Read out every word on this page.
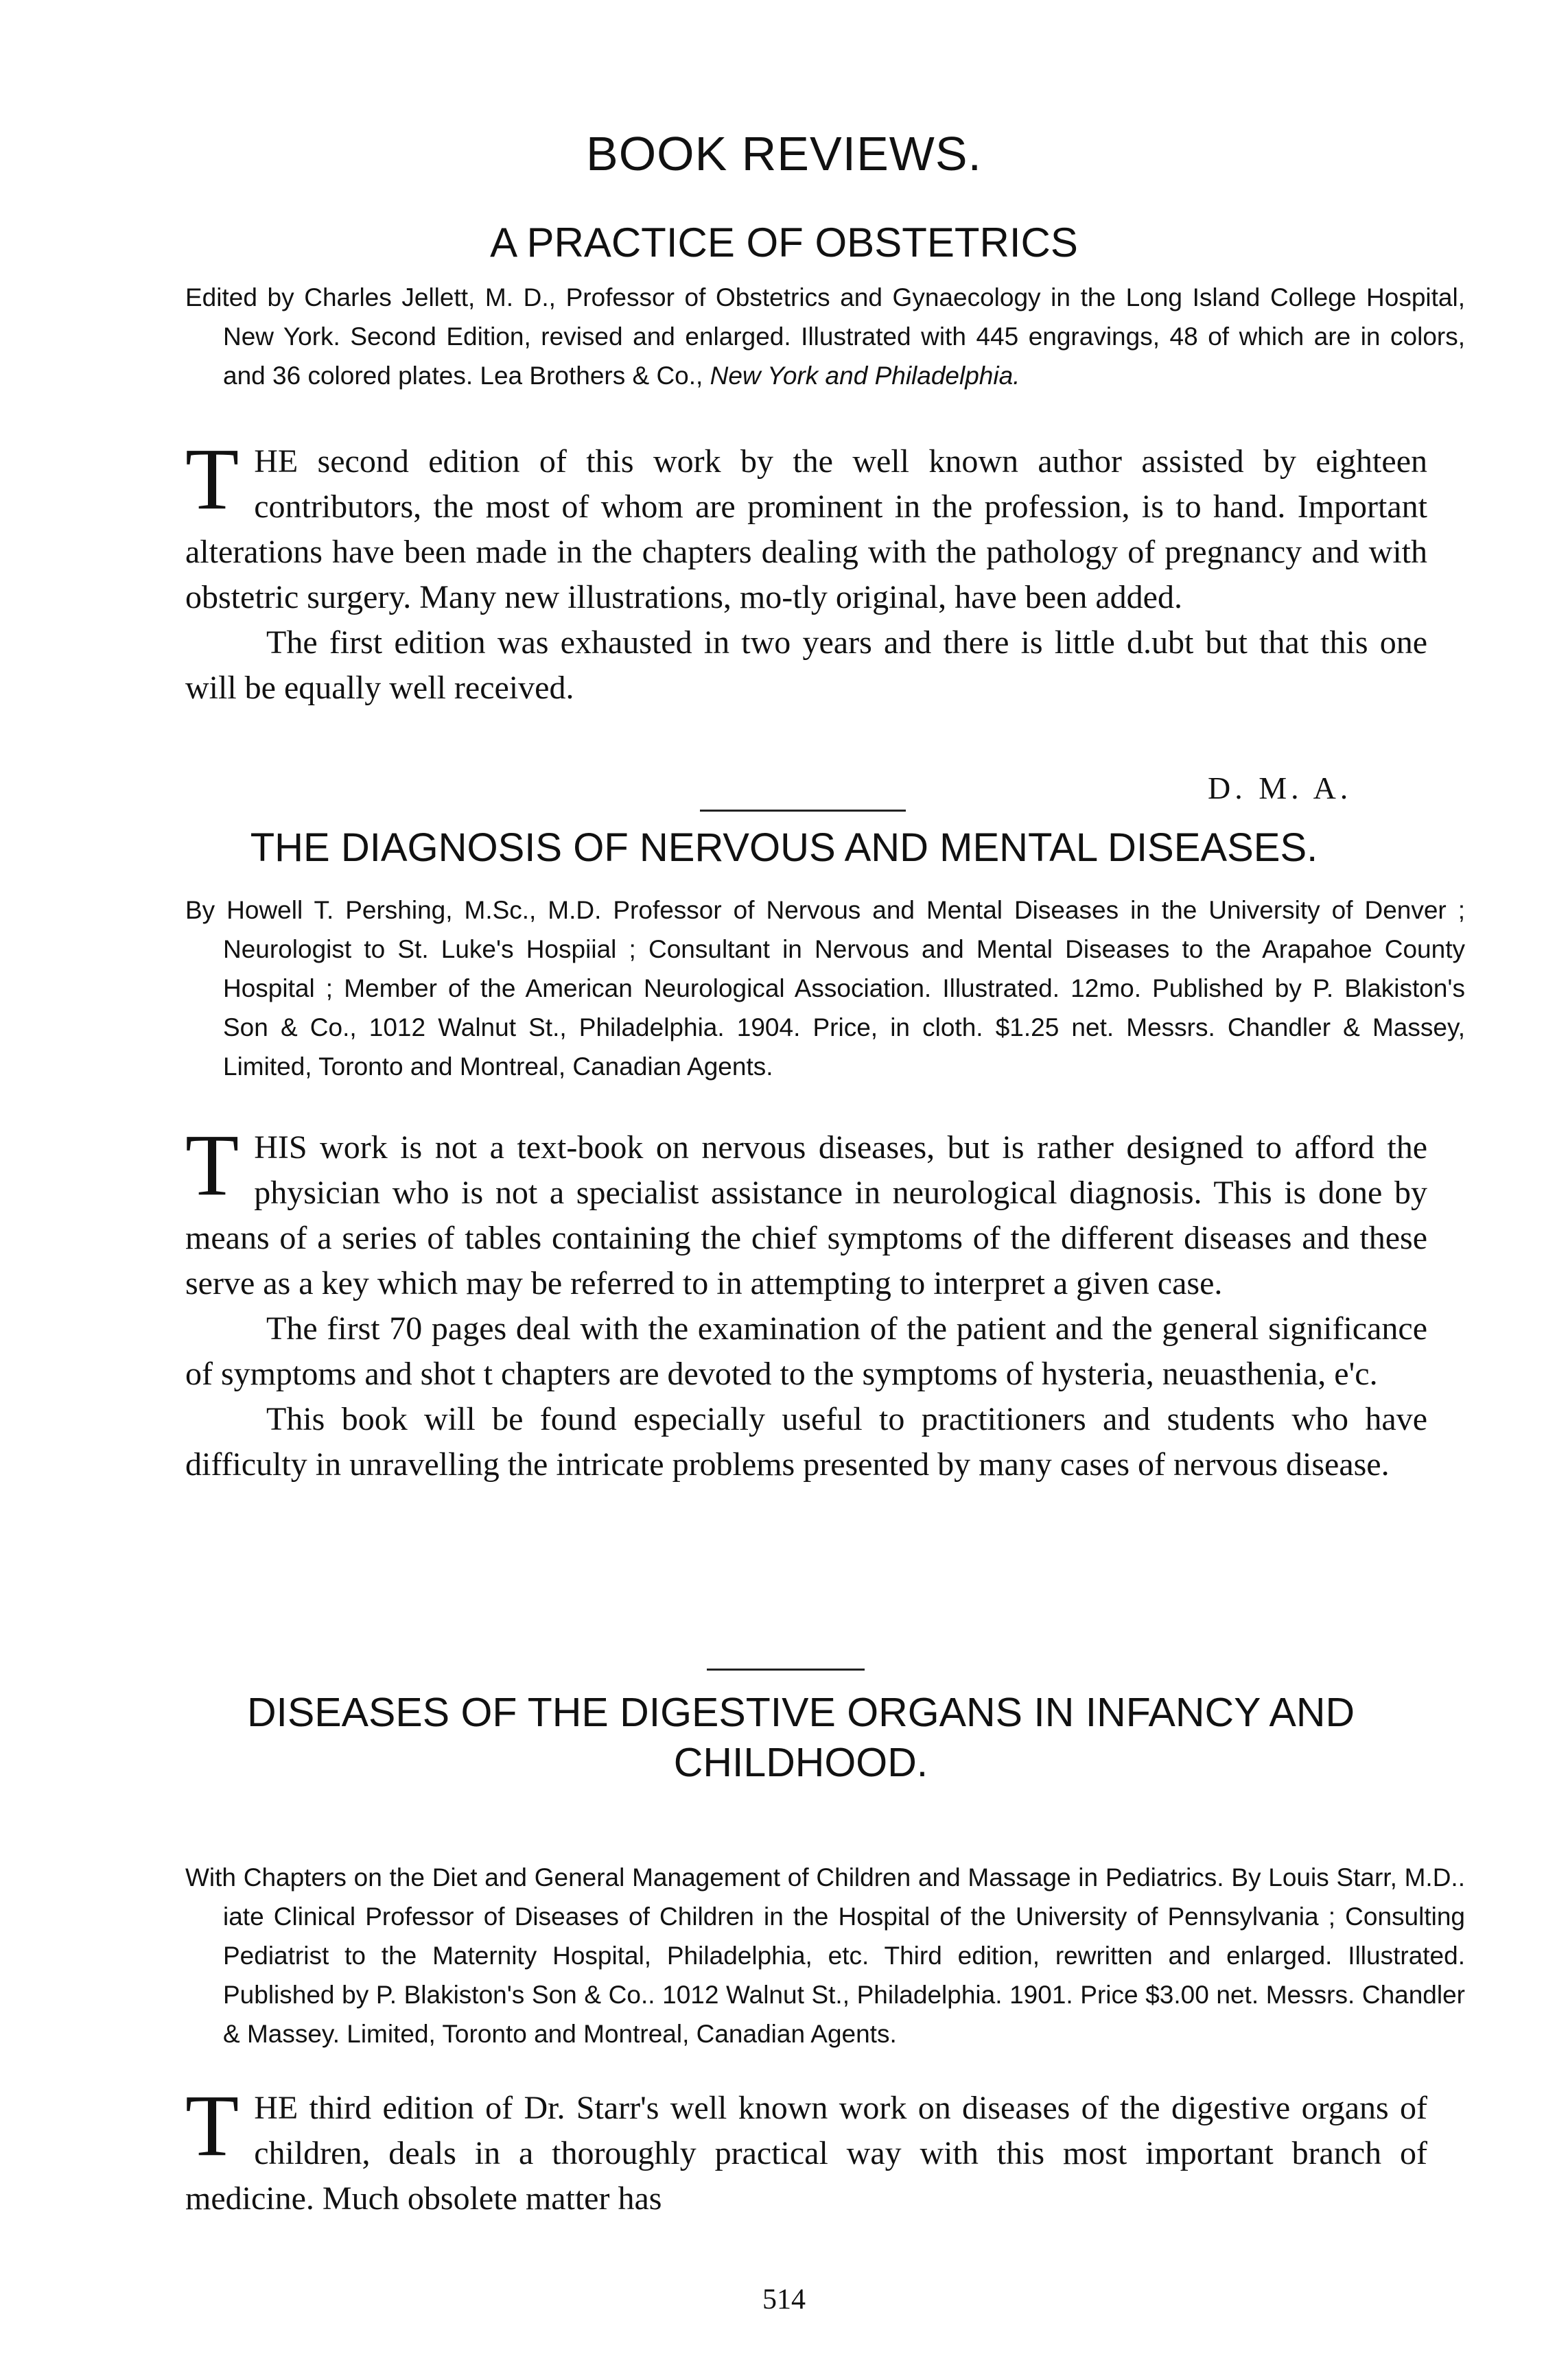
BOOK REVIEWS.
A PRACTICE OF OBSTETRICS

Edited by Charles Jellett, M. D., Professor of Obstetrics and Gynaecology in the Long Island College Hospital, New York. Second Edition, revised and enlarged. Illustrated with 445 engravings, 48 of which are in colors, and 36 colored plates. Lea Brothers & Co., New York and Philadelphia.

THE second edition of this work by the well known author assisted by eighteen contributors, the most of whom are prominent in the profession, is to hand. Important alterations have been made in the chapters dealing with the pathology of pregnancy and with obstetric surgery. Many new illustrations, mo-tly original, have been added.

The first edition was exhausted in two years and there is little d.ubt but that this one will be equally well received.

D. M. A.
THE DIAGNOSIS OF NERVOUS AND MENTAL DISEASES.

By Howell T. Pershing, M.Sc., M.D. Professor of Nervous and Mental Diseases in the University of Denver ; Neurologist to St. Luke's Hospiial ; Consultant in Nervous and Mental Diseases to the Arapahoe County Hospital ; Member of the American Neurological Association. Illustrated. 12mo. Published by P. Blakiston's Son & Co., 1012 Walnut St., Philadelphia. 1904. Price, in cloth. $1.25 net. Messrs. Chandler & Massey, Limited, Toronto and Montreal, Canadian Agents.

THIS work is not a text-book on nervous diseases, but is rather designed to afford the physician who is not a specialist assistance in neurological diagnosis. This is done by means of a series of tables containing the chief symptoms of the different diseases and these serve as a key which may be referred to in attempting to interpret a given case.

The first 70 pages deal with the examination of the patient and the general significance of symptoms and shot t chapters are devoted to the symptoms of hysteria, neuasthenia, e'c.

This book will be found especially useful to practitioners and students who have difficulty in unravelling the intricate problems presented by many cases of nervous disease.

DISEASES OF THE DIGESTIVE ORGANS IN INFANCY AND CHILDHOOD.

With Chapters on the Diet and General Management of Children and Massage in Pediatrics. By Louis Starr, M.D.. iate Clinical Professor of Diseases of Children in the Hospital of the University of Pennsylvania ; Consulting Pediatrist to the Maternity Hospital, Philadelphia, etc. Third edition, rewritten and enlarged. Illustrated. Published by P. Blakiston's Son & Co.. 1012 Walnut St., Philadelphia. 1901. Price $3.00 net. Messrs. Chandler & Massey. Limited, Toronto and Montreal, Canadian Agents.

THE third edition of Dr. Starr's well known work on diseases of the digestive organs of children, deals in a thoroughly practical way with this most important branch of medicine. Much obsolete matter has

514
